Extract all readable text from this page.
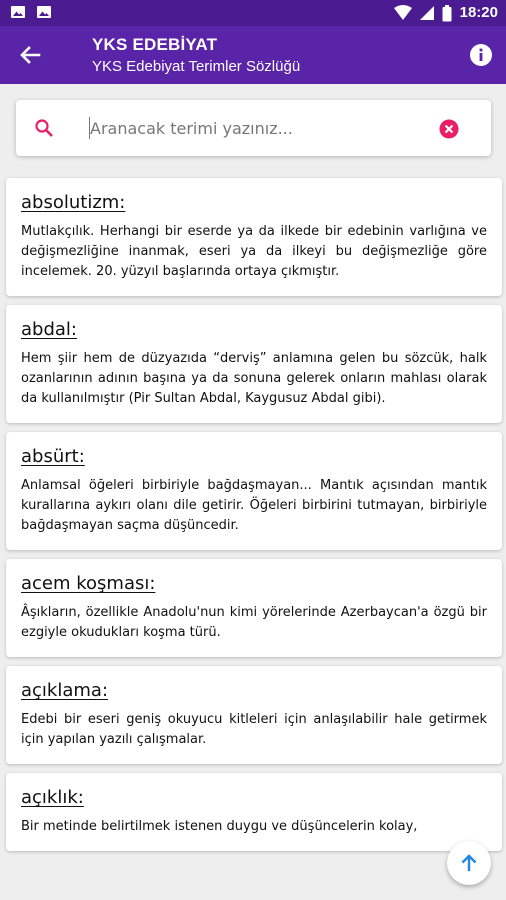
18:20
YKS EDEBİYAT
YKS Edebiyat Terimler Sözlüğü
Aranacak terimi yazınız...
absolutizm:
Mutlakçılık. Herhangi bir eserde ya da ilkede bir edebinin varlığına ve değişmezliğine inanmak, eseri ya da ilkeyi bu değişmezliğe göre incelemek. 20. yüzyıl başlarında ortaya çıkmıştır.
abdal:
Hem şiir hem de düzyazıda “derviş” anlamına gelen bu sözcük, halk ozanlarının adının başına ya da sonuna gelerek onların mahlası olarak da kullanılmıştır (Pir Sultan Abdal, Kaygusuz Abdal gibi).
absürt:
Anlamsal öğeleri birbiriyle bağdaşmayan... Mantık açısından mantık kurallarına aykırı olanı dile getirir. Öğeleri birbirini tutmayan, birbiriyle bağdaşmayan saçma düşüncedir.
acem koşması:
Âşıkların, özellikle Anadolu'nun kimi yörelerinde Azerbaycan'a özgü bir ezgiyle okudukları koşma türü.
açıklama:
Edebi bir eseri geniş okuyucu kitleleri için anlaşılabilir hale getirmek için yapılan yazılı çalışmalar.
açıklık:
Bir metinde belirtilmek istenen duygu ve düşüncelerin kolay,
